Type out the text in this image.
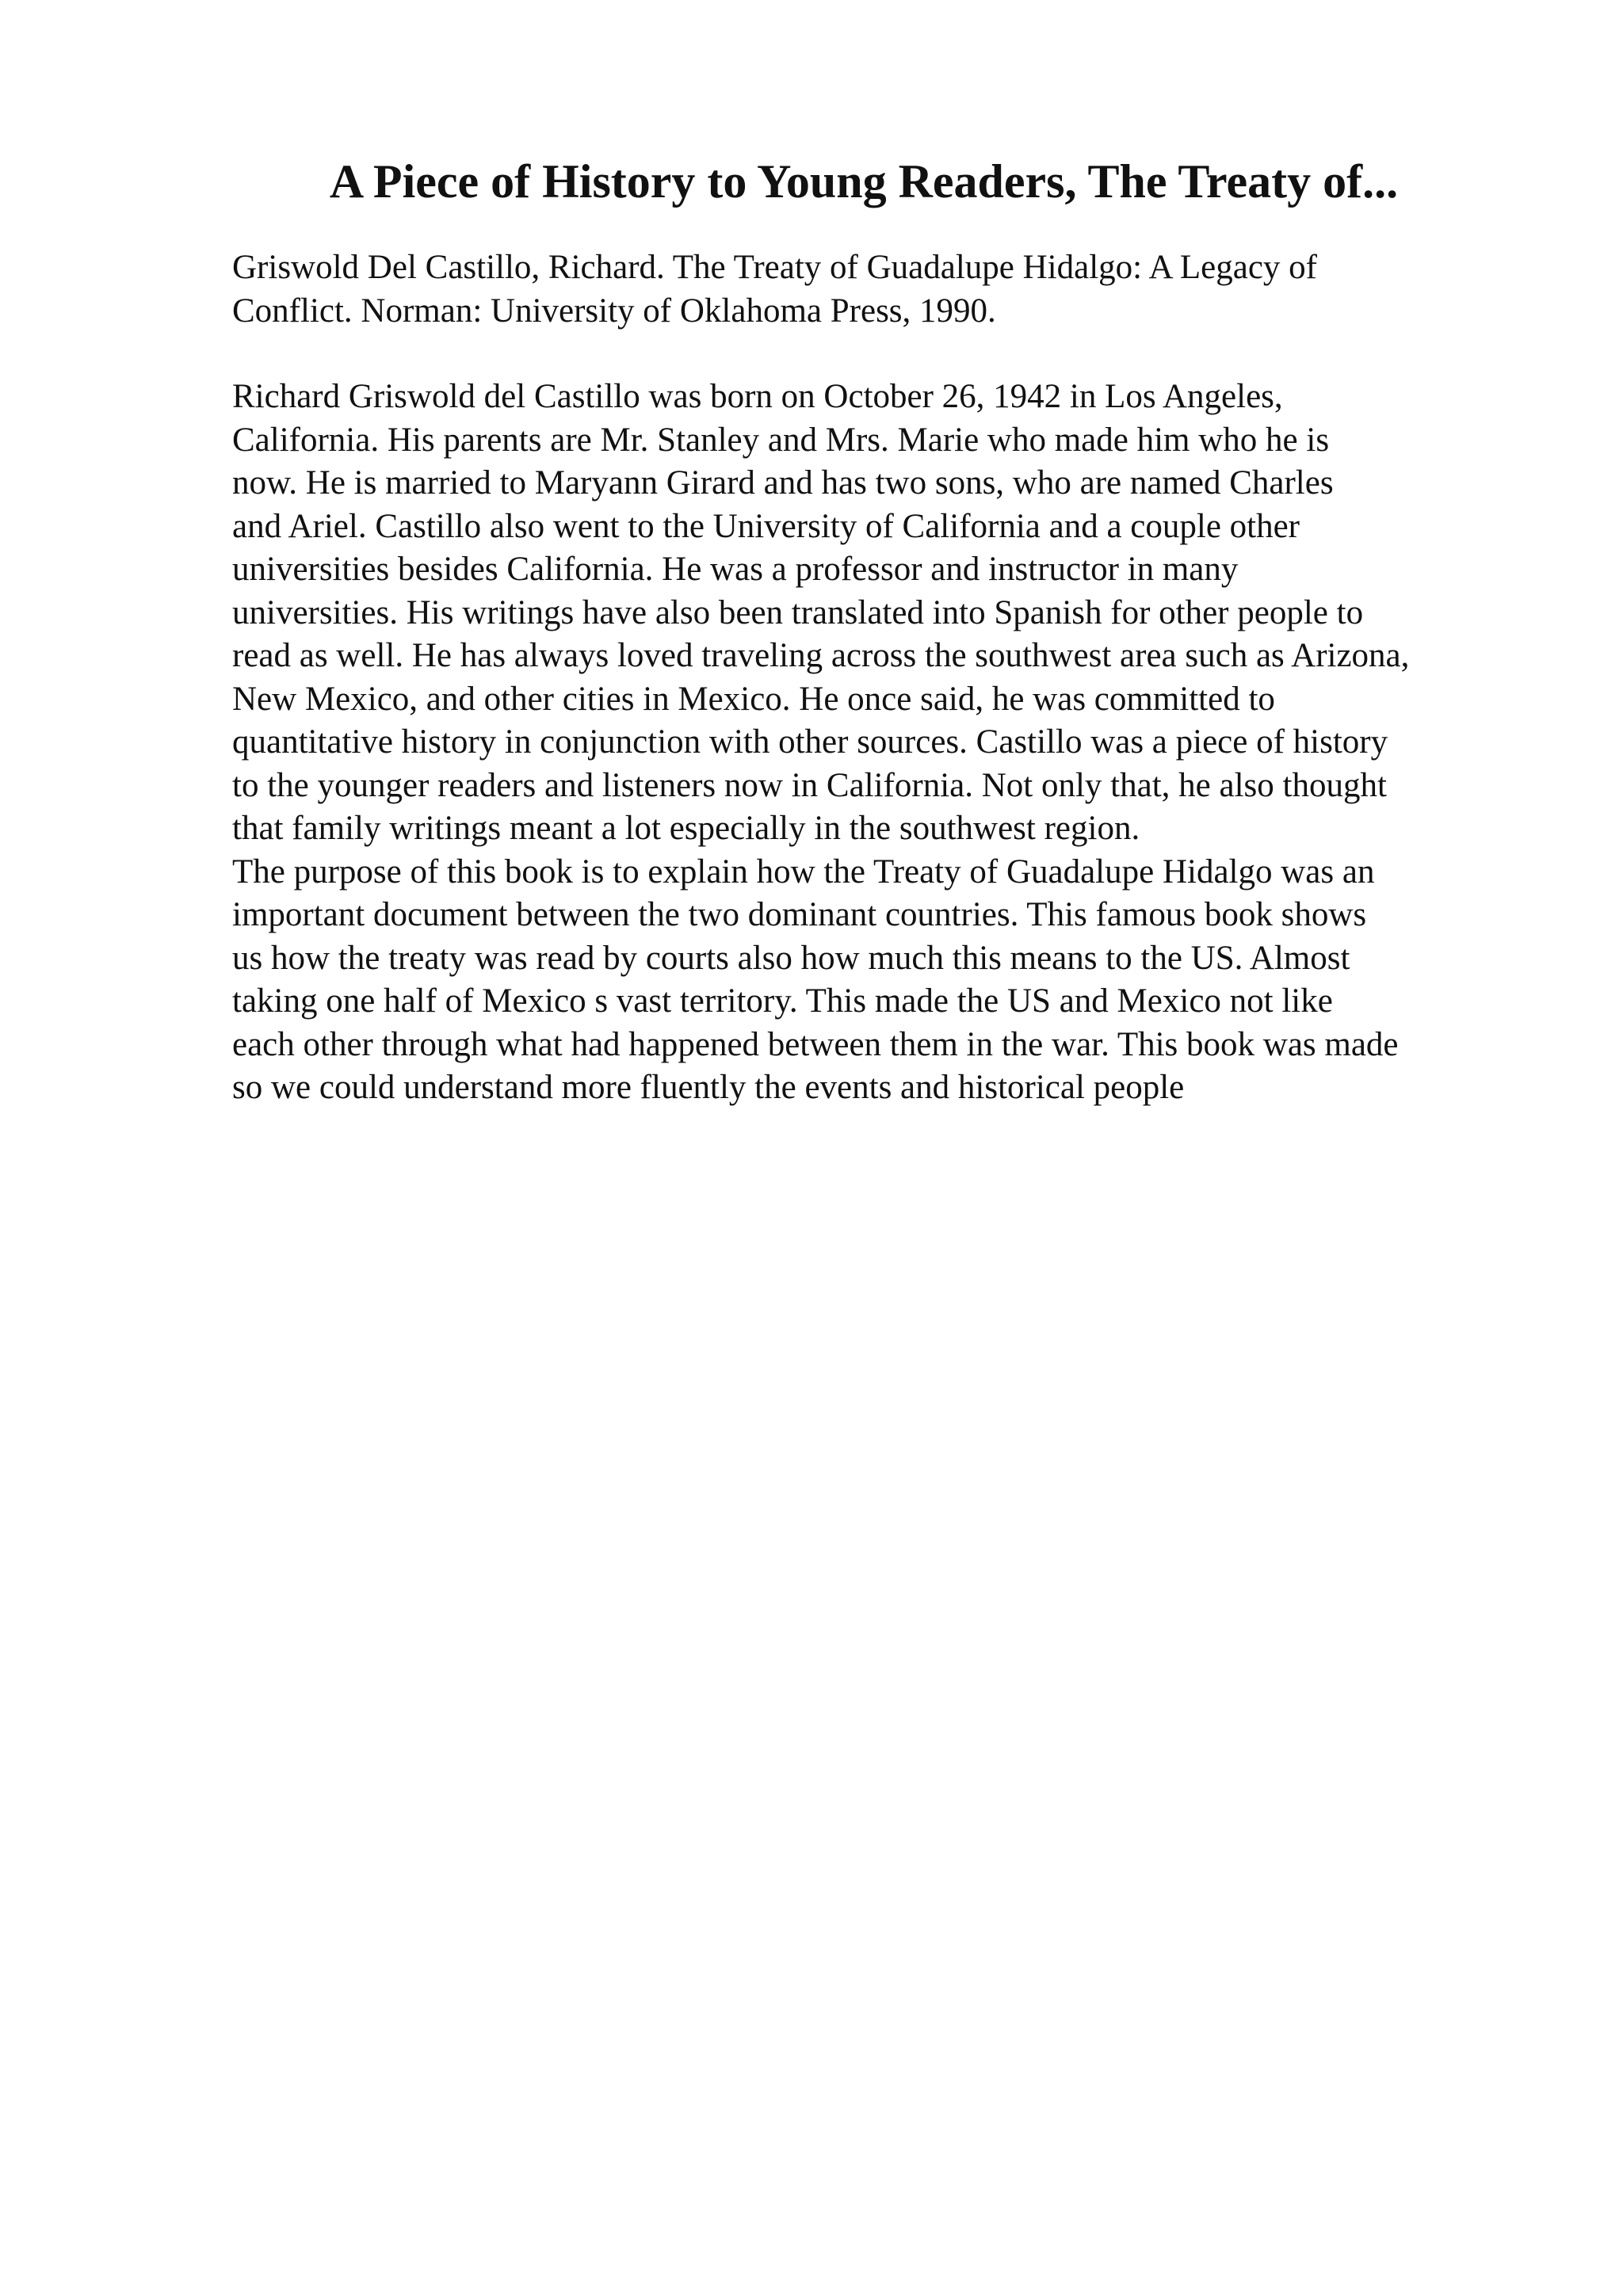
A Piece of History to Young Readers, The Treaty of...
Griswold Del Castillo, Richard. The Treaty of Guadalupe Hidalgo: A Legacy of
Conflict. Norman: University of Oklahoma Press, 1990.
Richard Griswold del Castillo was born on October 26, 1942 in Los Angeles,
California. His parents are Mr. Stanley and Mrs. Marie who made him who he is
now. He is married to Maryann Girard and has two sons, who are named Charles
and Ariel. Castillo also went to the University of California and a couple other
universities besides California. He was a professor and instructor in many
universities. His writings have also been translated into Spanish for other people to
read as well. He has always loved traveling across the southwest area such as Arizona,
New Mexico, and other cities in Mexico. He once said, he was committed to
quantitative history in conjunction with other sources. Castillo was a piece of history
to the younger readers and listeners now in California. Not only that, he also thought
that family writings meant a lot especially in the southwest region.
The purpose of this book is to explain how the Treaty of Guadalupe Hidalgo was an
important document between the two dominant countries. This famous book shows
us how the treaty was read by courts also how much this means to the US. Almost
taking one half of Mexico s vast territory. This made the US and Mexico not like
each other through what had happened between them in the war. This book was made
so we could understand more fluently the events and historical people
